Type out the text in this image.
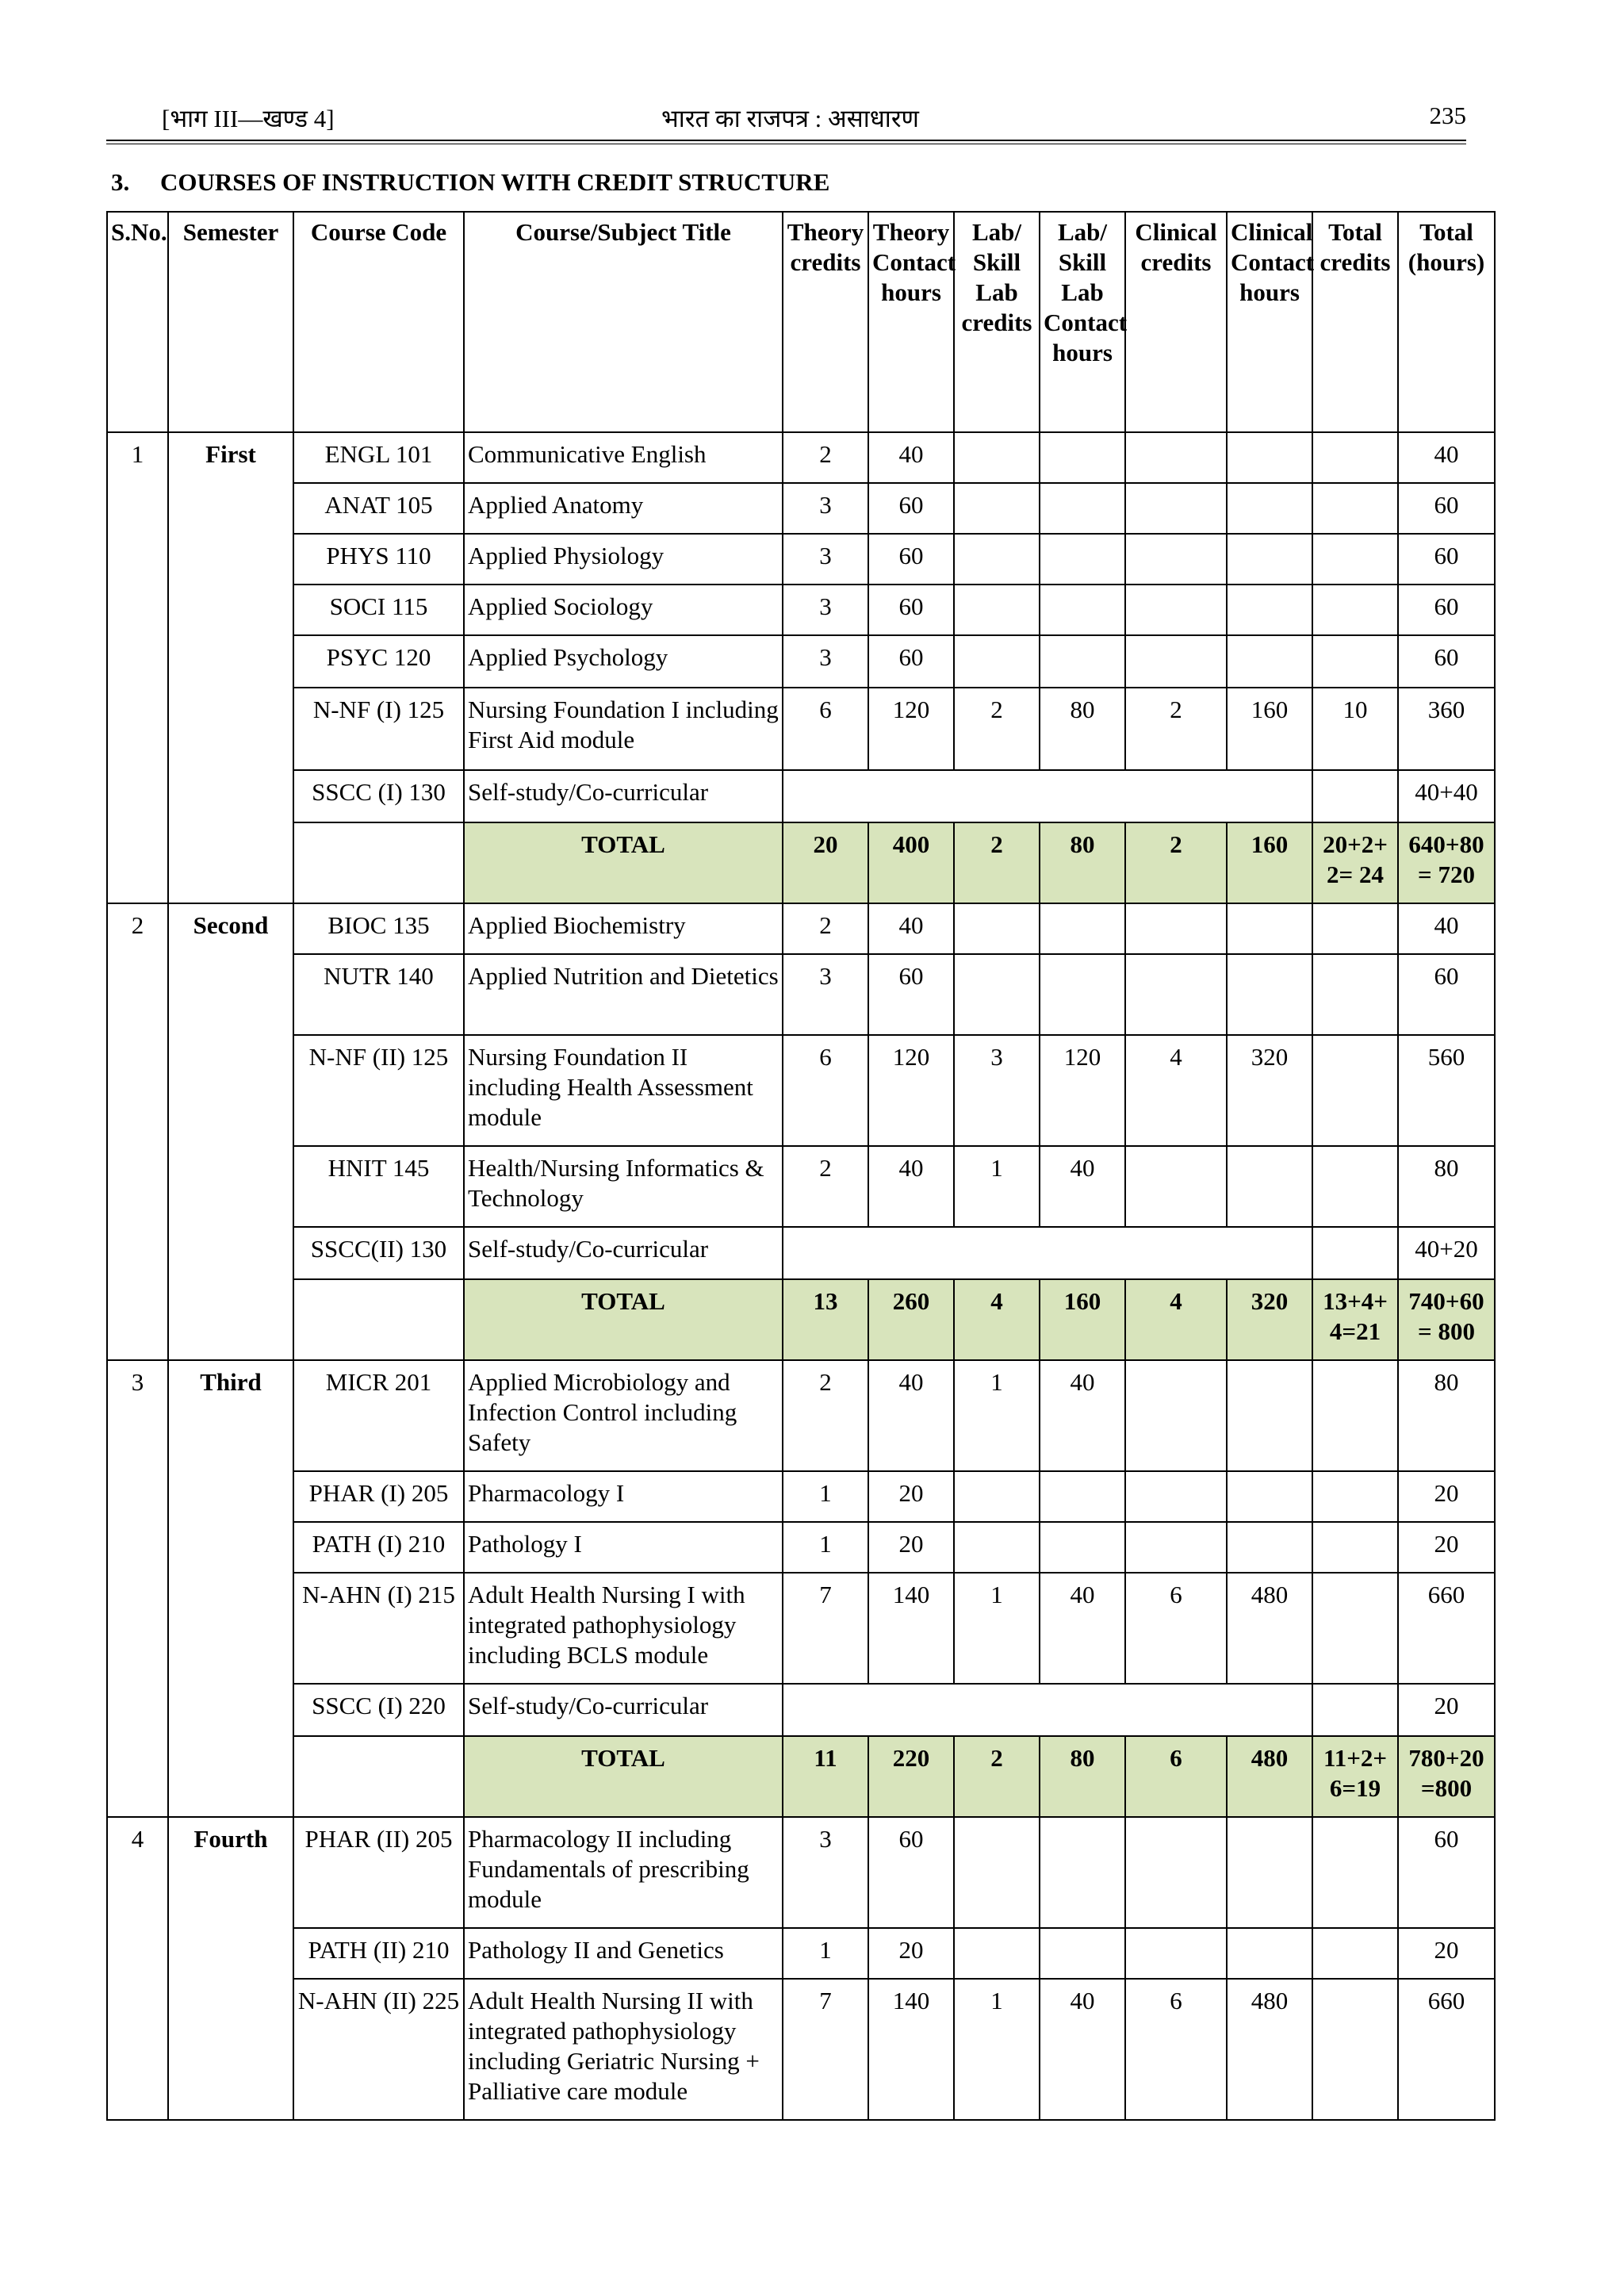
[भाग III—खण्ड 4]	भारत का राजपत्र : असाधारण	235
3. COURSES OF INSTRUCTION WITH CREDIT STRUCTURE
S.No.	Semester	Course Code	Course/Subject Title	Theory credits	Theory Contact hours	Lab/ Skill Lab credits	Lab/ Skill Lab Contact hours	Clinical credits	Clinical Contact hours	Total credits	Total (hours)
1	First	ENGL 101	Communicative English	2	40						40
		ANAT 105	Applied Anatomy	3	60						60
		PHYS 110	Applied Physiology	3	60						60
		SOCI 115	Applied Sociology	3	60						60
		PSYC 120	Applied Psychology	3	60						60
		N-NF (I) 125	Nursing Foundation I including First Aid module	6	120	2	80	2	160	10	360
		SSCC (I) 130	Self-study/Co-curricular								40+40
			TOTAL	20	400	2	80	2	160	20+2+ 2= 24	640+80 = 720
2	Second	BIOC 135	Applied Biochemistry	2	40						40
		NUTR 140	Applied Nutrition and Dietetics	3	60						60
		N-NF (II) 125	Nursing Foundation II including Health Assessment module	6	120	3	120	4	320		560
		HNIT 145	Health/Nursing Informatics & Technology	2	40	1	40				80
		SSCC(II) 130	Self-study/Co-curricular								40+20
			TOTAL	13	260	4	160	4	320	13+4+ 4=21	740+60 = 800
3	Third	MICR 201	Applied Microbiology and Infection Control including Safety	2	40	1	40				80
		PHAR (I) 205	Pharmacology I	1	20						20
		PATH (I) 210	Pathology I	1	20						20
		N-AHN (I) 215	Adult Health Nursing I with integrated pathophysiology including BCLS module	7	140	1	40	6	480		660
		SSCC (I) 220	Self-study/Co-curricular								20
			TOTAL	11	220	2	80	6	480	11+2+ 6=19	780+20 =800
4	Fourth	PHAR (II) 205	Pharmacology II including Fundamentals of prescribing module	3	60						60
		PATH (II) 210	Pathology II and Genetics	1	20						20
		N-AHN (II) 225	Adult Health Nursing II with integrated pathophysiology including Geriatric Nursing + Palliative care module	7	140	1	40	6	480		660
